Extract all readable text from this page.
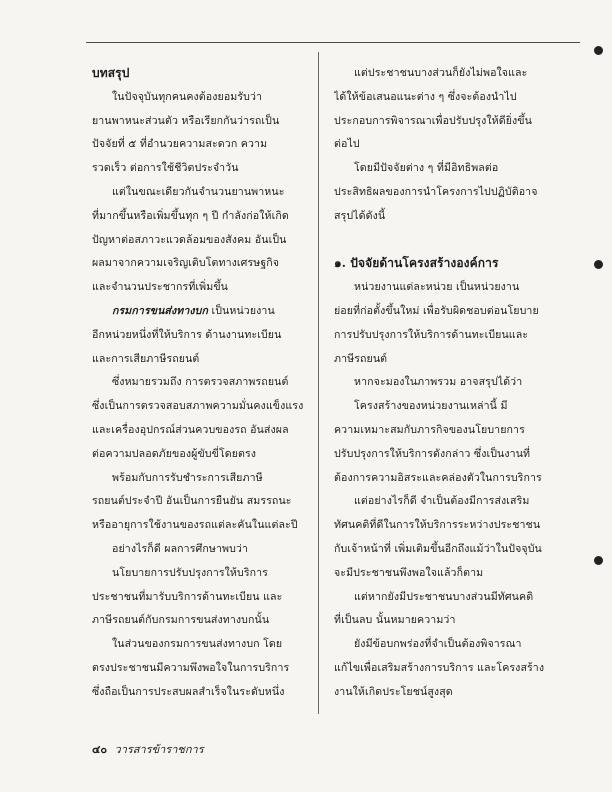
บทสรุป
ในปัจจุบันทุกคนคงต้องยอมรับว่า
ยานพาหนะส่วนตัว หรือเรียกกันว่ารถเป็น
ปัจจัยที่ ๕ ที่อำนวยความสะดวก ความ
รวดเร็ว ต่อการใช้ชีวิตประจำวัน
แต่ในขณะเดียวกันจำนวนยานพาหนะ
ที่มากขึ้นหรือเพิ่มขึ้นทุก ๆ ปี กำลังก่อให้เกิด
ปัญหาต่อสภาวะแวดล้อมของสังคม อันเป็น
ผลมาจากความเจริญเติบโตทางเศรษฐกิจ
และจำนวนประชากรที่เพิ่มขึ้น
กรมการขนส่งทางบก เป็นหน่วยงาน
อีกหน่วยหนึ่งที่ให้บริการ ด้านงานทะเบียน
และการเสียภาษีรถยนต์
ซึ่งหมายรวมถึง การตรวจสภาพรถยนต์
ซึ่งเป็นการตรวจสอบสภาพความมั่นคงแข็งแรง
และเครื่องอุปกรณ์ส่วนควบของรถ อันส่งผล
ต่อความปลอดภัยของผู้ขับขี่โดยตรง
พร้อมกับการรับชำระการเสียภาษี
รถยนต์ประจำปี อันเป็นการยืนยัน สมรรถนะ
หรืออายุการใช้งานของรถแต่ละคันในแต่ละปี
อย่างไรก็ดี ผลการศึกษาพบว่า
นโยบายการปรับปรุงการให้บริการ
ประชาชนที่มารับบริการด้านทะเบียน และ
ภาษีรถยนต์กับกรมการขนส่งทางบกนั้น
ในส่วนของกรมการขนส่งทางบก โดย
ตรงประชาชนมีความพึงพอใจในการบริการ
ซึ่งถือเป็นการประสบผลสำเร็จในระดับหนึ่ง
แต่ประชาชนบางส่วนก็ยังไม่พอใจและ
ได้ให้ข้อเสนอแนะต่าง ๆ ซึ่งจะต้องนำไป
ประกอบการพิจารณาเพื่อปรับปรุงให้ดียิ่งขึ้น
ต่อไป
โดยมีปัจจัยต่าง ๆ ที่มีอิทธิพลต่อ
ประสิทธิผลของการนำโครงการไปปฏิบัติอาจ
สรุปได้ดังนี้
๑. ปัจจัยด้านโครงสร้างองค์การ
หน่วยงานแต่ละหน่วย เป็นหน่วยงาน
ย่อยที่ก่อตั้งขึ้นใหม่ เพื่อรับผิดชอบต่อนโยบาย
การปรับปรุงการให้บริการด้านทะเบียนและ
ภาษีรถยนต์
หากจะมองในภาพรวม อาจสรุปได้ว่า
โครงสร้างของหน่วยงานเหล่านี้ มี
ความเหมาะสมกับภารกิจของนโยบายการ
ปรับปรุงการให้บริการดังกล่าว ซึ่งเป็นงานที่
ต้องการความอิสระและคล่องตัวในการบริการ
แต่อย่างไรก็ดี จำเป็นต้องมีการส่งเสริม
ทัศนคติที่ดีในการให้บริการระหว่างประชาชน
กับเจ้าหน้าที่ เพิ่มเติมขึ้นอีกถึงแม้ว่าในปัจจุบัน
จะมีประชาชนพึงพอใจแล้วก็ตาม
แต่หากยังมีประชาชนบางส่วนมีทัศนคติ
ที่เป็นลบ นั้นหมายความว่า
ยังมีข้อบกพร่องที่จำเป็นต้องพิจารณา
แก้ไขเพื่อเสริมสร้างการบริการ และโครงสร้าง
งานให้เกิดประโยชน์สูงสุด
๔๐ วารสารข้าราชการ
